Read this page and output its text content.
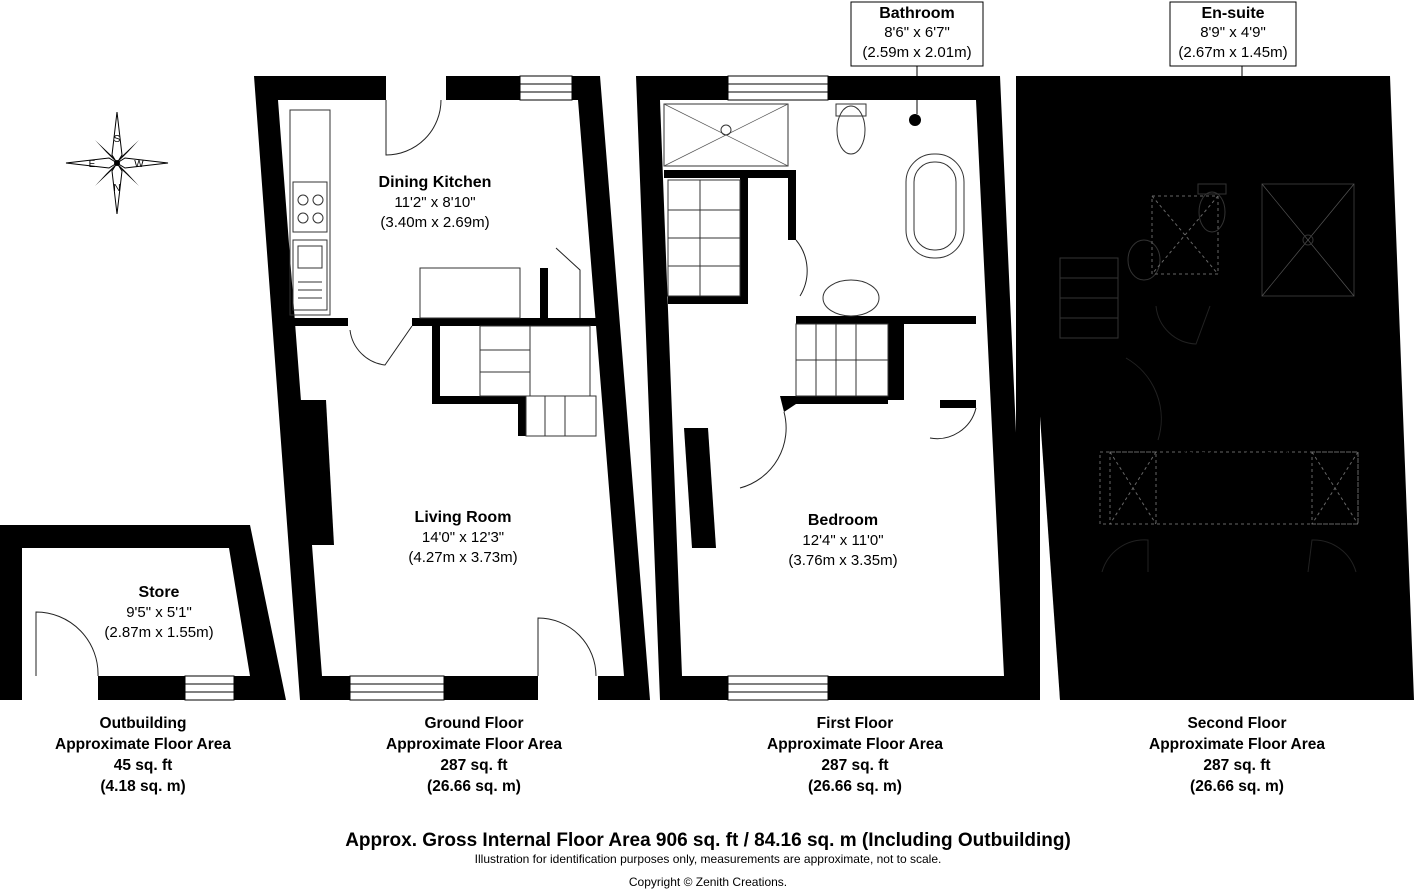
S
W
E
N	Dining Kitchen
11'2" x 8'10"
(3.40m x 2.69m)
Living Room
14'0" x 12'3"
(4.27m x 3.73m)
Store
9'5" x 5'1"
(2.87m x 1.55m)
Bathroom
8'6" x 6'7"
(2.59m x 2.01m)
Bedroom
12'4" x 11'0"
(3.76m x 3.35m)
En-suite
8'9" x 4'9"
(2.67m x 1.45m)
Store
Bedroom
10'7" x 10'5"
(3.23m x 3.18m)
Store
Outbuilding
Approximate Floor Area
45 sq. ft
(4.18 sq. m)
Ground Floor
Approximate Floor Area
287 sq. ft
(26.66 sq. m)
First Floor
Approximate Floor Area
287 sq. ft
(26.66 sq. m)
Second Floor
Approximate Floor Area
287 sq. ft
(26.66 sq. m)
Approx. Gross Internal Floor Area 906 sq. ft / 84.16 sq. m (Including Outbuilding)
Illustration for identification purposes only, measurements are approximate, not to scale.
Copyright © Zenith Creations.
